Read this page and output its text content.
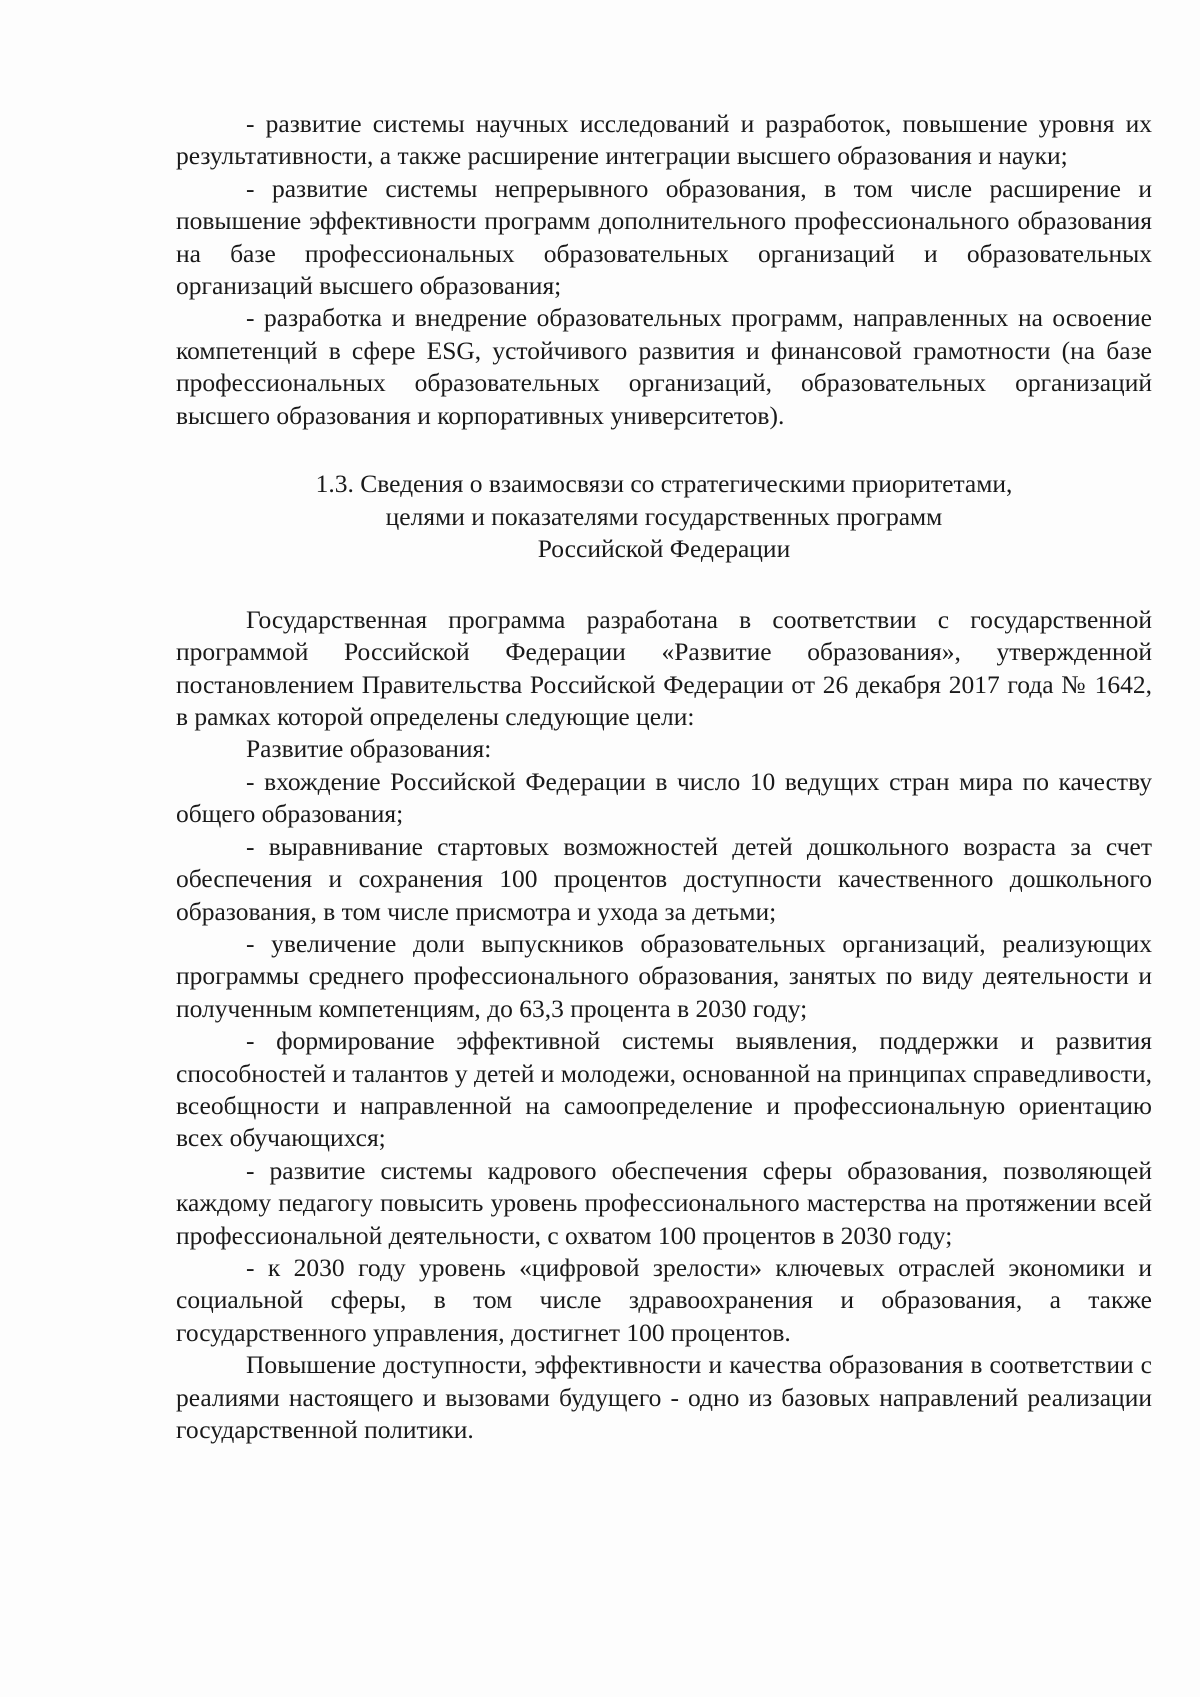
- развитие системы научных исследований и разработок, повышение уровня их результативности, а также расширение интеграции высшего образования и науки;

- развитие системы непрерывного образования, в том числе расширение и повышение эффективности программ дополнительного профессионального образования на базе профессиональных образовательных организаций и образовательных организаций высшего образования;

- разработка и внедрение образовательных программ, направленных на освоение компетенций в сфере ESG, устойчивого развития и финансовой грамотности (на базе профессиональных образовательных организаций, образовательных организаций высшего образования и корпоративных университетов).

1.3. Сведения о взаимосвязи со стратегическими приоритетами,
целями и показателями государственных программ
Российской Федерации

Государственная программа разработана в соответствии с государственной программой Российской Федерации «Развитие образования», утвержденной постановлением Правительства Российской Федерации от 26 декабря 2017 года № 1642, в рамках которой определены следующие цели:

Развитие образования:

- вхождение Российской Федерации в число 10 ведущих стран мира по качеству общего образования;

- выравнивание стартовых возможностей детей дошкольного возраста за счет обеспечения и сохранения 100 процентов доступности качественного дошкольного образования, в том числе присмотра и ухода за детьми;

- увеличение доли выпускников образовательных организаций, реализующих программы среднего профессионального образования, занятых по виду деятельности и полученным компетенциям, до 63,3 процента в 2030 году;

- формирование эффективной системы выявления, поддержки и развития способностей и талантов у детей и молодежи, основанной на принципах справедливости, всеобщности и направленной на самоопределение и профессиональную ориентацию всех обучающихся;

- развитие системы кадрового обеспечения сферы образования, позволяющей каждому педагогу повысить уровень профессионального мастерства на протяжении всей профессиональной деятельности, с охватом 100 процентов в 2030 году;

- к 2030 году уровень «цифровой зрелости» ключевых отраслей экономики и социальной сферы, в том числе здравоохранения и образования, а также государственного управления, достигнет 100 процентов.

Повышение доступности, эффективности и качества образования в соответствии с реалиями настоящего и вызовами будущего - одно из базовых направлений реализации государственной политики.
